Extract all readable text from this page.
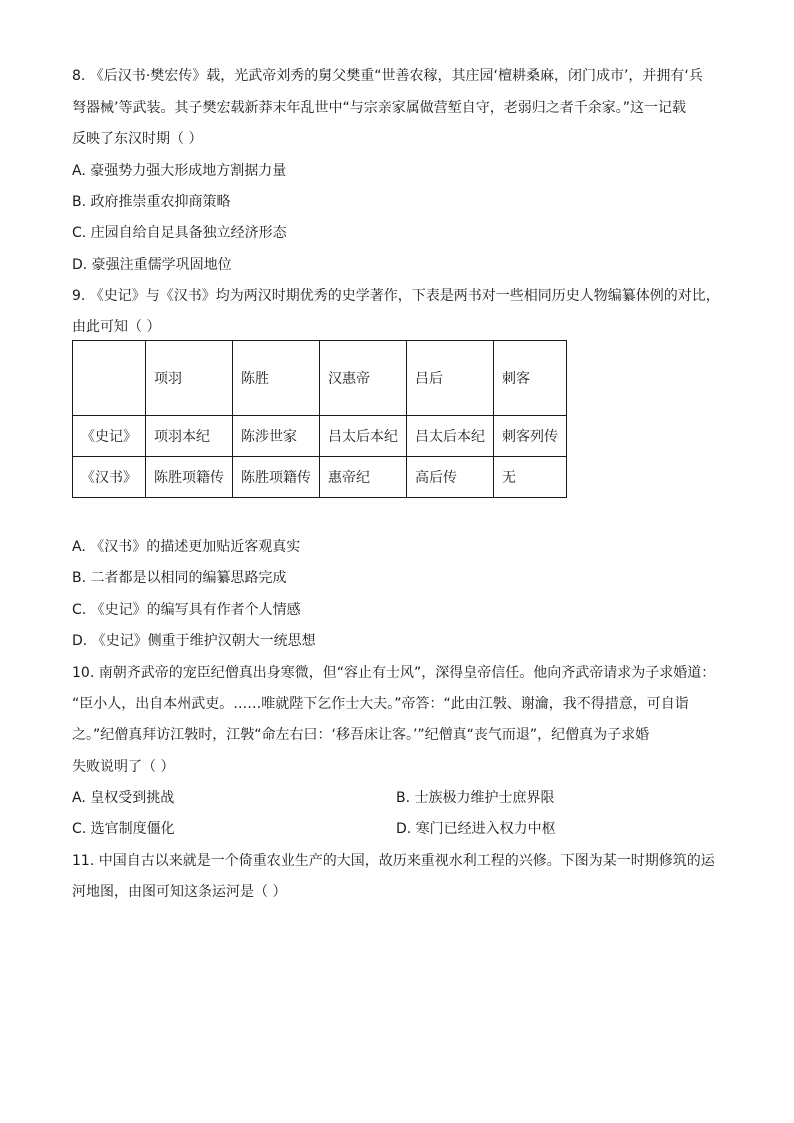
8. 《后汉书·樊宏传》载，光武帝刘秀的舅父樊重“世善农稼，其庄园‘檀耕桑麻，闭门成市’，并拥有‘兵
弩器械’等武装。其子樊宏载新莽末年乱世中“与宗亲家属做营堑自守，老弱归之者千余家。”这一记载
反映了东汉时期（ ）
A. 豪强势力强大形成地方割据力量
B. 政府推崇重农抑商策略
C. 庄园自给自足具备独立经济形态
D. 豪强注重儒学巩固地位
9. 《史记》与《汉书》均为两汉时期优秀的史学著作，下表是两书对一些相同历史人物编纂体例的对比，
由此可知（ ）
	项羽	陈胜	汉惠帝	吕后	刺客
《史记》	项羽本纪	陈涉世家	吕太后本纪	吕太后本纪	刺客列传
《汉书》	陈胜项籍传	陈胜项籍传	惠帝纪	高后传	无
A. 《汉书》的描述更加贴近客观真实
B. 二者都是以相同的编纂思路完成
C. 《史记》的编写具有作者个人情感
D. 《史记》侧重于维护汉朝大一统思想
10. 南朝齐武帝的宠臣纪僧真出身寒微，但“容止有士风”，深得皇帝信任。他向齐武帝请求为子求婚道：
“臣小人，出自本州武吏。……唯就陛下乞作士大夫。”帝答：“此由江斅、谢瀹，我不得措意，可自诣
之。”纪僧真拜访江斅时，江斅“命左右曰：‘移吾床让客。’”纪僧真“丧气而退”，纪僧真为子求婚
失败说明了（ ）
A. 皇权受到挑战	B. 士族极力维护士庶界限
C. 选官制度僵化	D. 寒门已经进入权力中枢
11. 中国自古以来就是一个倚重农业生产的大国，故历来重视水利工程的兴修。下图为某一时期修筑的运
河地图，由图可知这条运河是（ ）
